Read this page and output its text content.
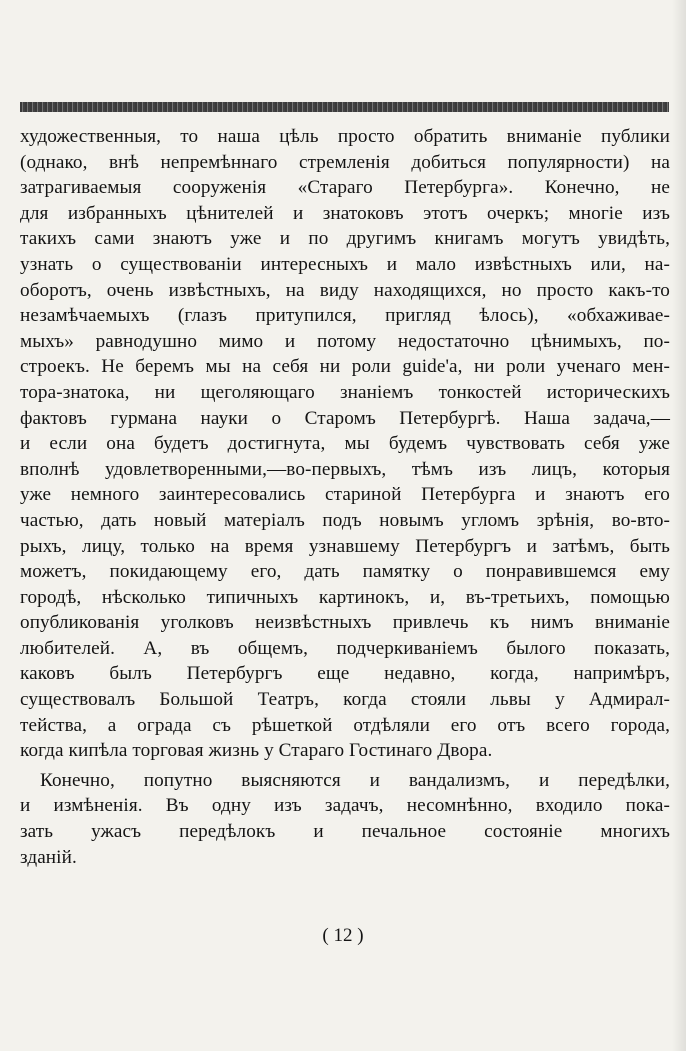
художественныя, то наша цѣль просто обратить вниманіе публики
(однако, внѣ непремѣннаго стремленія добиться популярности) на
затрагиваемыя сооруженія «Стараго Петербурга». Конечно, не
для избранныхъ цѣнителей и знатоковъ этотъ очеркъ; многіе изъ
такихъ сами знаютъ уже и по другимъ книгамъ могутъ увидѣть,
узнать о существованіи интересныхъ и мало извѣстныхъ или, на-
оборотъ, очень извѣстныхъ, на виду находящихся, но просто какъ-то
незамѣчаемыхъ (глазъ притупился, пригляд ѣлось), «обхаживае-
мыхъ» равнодушно мимо и потому недостаточно цѣнимыхъ, по-
строекъ. Не беремъ мы на себя ни роли guide'а, ни роли ученаго мен-
тора-знатока, ни щеголяющаго знаніемъ тонкостей историческихъ
фактовъ гурмана науки о Старомъ Петербургѣ. Наша задача,—
и если она будетъ достигнута, мы будемъ чувствовать себя уже
вполнѣ удовлетворенными,—во-первыхъ, тѣмъ изъ лицъ, которыя
уже немного заинтересовались стариной Петербурга и знаютъ его
частью, дать новый матеріалъ подъ новымъ угломъ зрѣнія, во-вто-
рыхъ, лицу, только на время узнавшему Петербургъ и затѣмъ, быть
можетъ, покидающему его, дать памятку о понравившемся ему
городѣ, нѣсколько типичныхъ картинокъ, и, въ-третьихъ, помощью
опубликованія уголковъ неизвѣстныхъ привлечь къ нимъ вниманіе
любителей. А, въ общемъ, подчеркиваніемъ былого показать,
каковъ былъ Петербургъ еще недавно, когда, напримѣръ,
существовалъ Большой Театръ, когда стояли львы у Адмирал-
тейства, а ограда съ рѣшеткой отдѣляли его отъ всего города,
когда кипѣла торговая жизнь у Стараго Гостинаго Двора.
Конечно, попутно выясняются и вандализмъ, и передѣлки,
и измѣненія. Въ одну изъ задачъ, несомнѣнно, входило пока-
зать ужасъ передѣлокъ и печальное состояніе многихъ
зданій.
( 12 )
